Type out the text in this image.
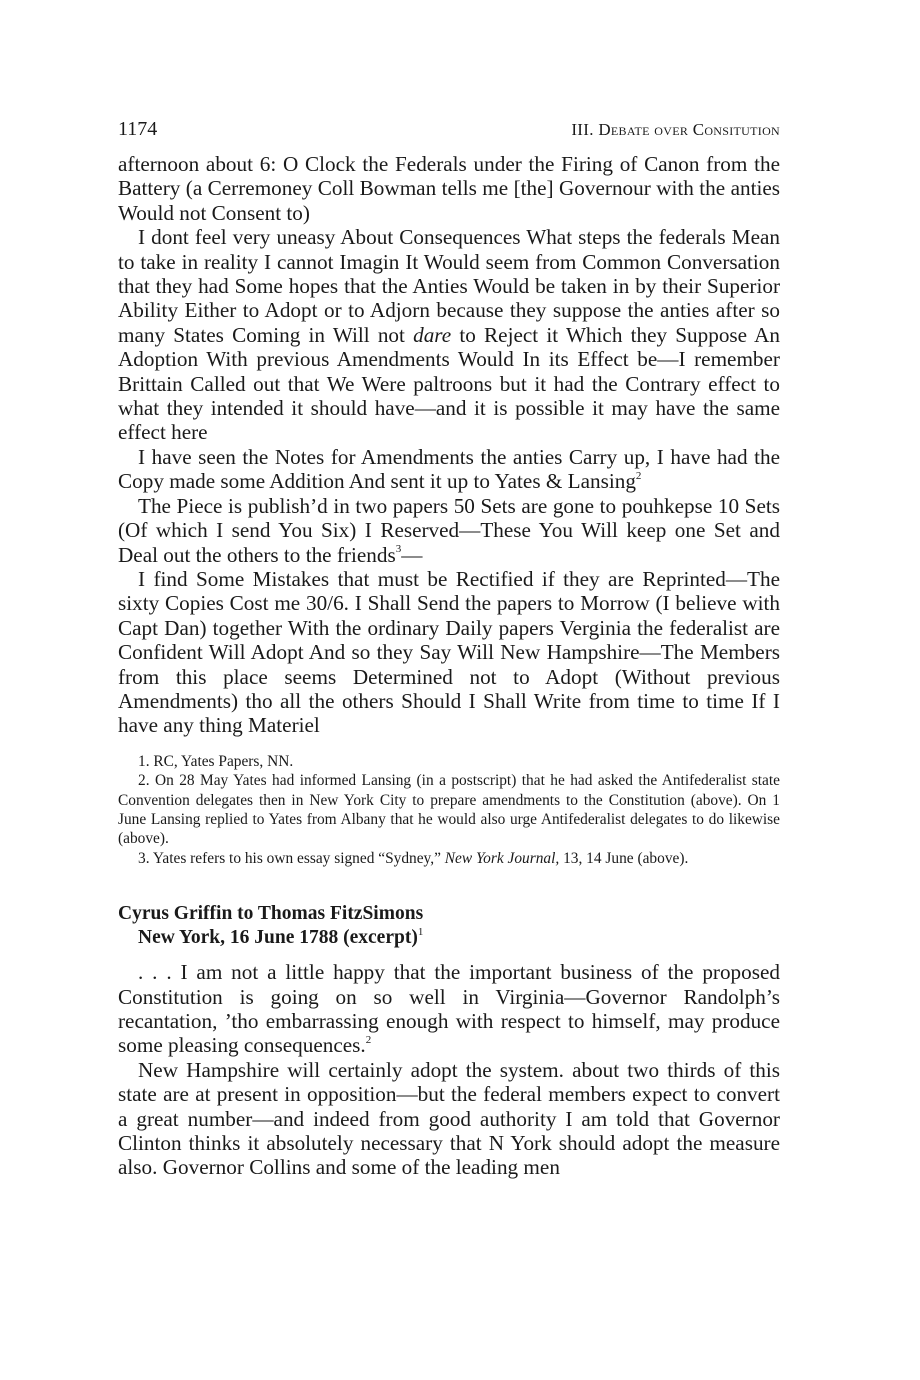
1174	III. Debate over Consitution

afternoon about 6: O Clock the Federals under the Firing of Canon from the Battery (a Cerremoney Coll Bowman tells me [the] Governour with the anties Would not Consent to)

I dont feel very uneasy About Consequences What steps the federals Mean to take in reality I cannot Imagin It Would seem from Common Conversation that they had Some hopes that the Anties Would be taken in by their Superior Ability Either to Adopt or to Adjorn because they suppose the anties after so many States Coming in Will not dare to Reject it Which they Suppose An Adoption With previous Amendments Would In its Effect be—I remember Brittain Called out that We Were paltroons but it had the Contrary effect to what they intended it should have—and it is possible it may have the same effect here

I have seen the Notes for Amendments the anties Carry up, I have had the Copy made some Addition And sent it up to Yates & Lansing$^2$

The Piece is publish’d in two papers 50 Sets are gone to pouhkepse 10 Sets (Of which I send You Six) I Reserved—These You Will keep one Set and Deal out the others to the friends$^3$—

I find Some Mistakes that must be Rectified if they are Reprinted—The sixty Copies Cost me 30/6. I Shall Send the papers to Morrow (I believe with Capt Dan) together With the ordinary Daily papers Verginia the federalist are Confident Will Adopt And so they Say Will New Hampshire—The Members from this place seems Determined not to Adopt (Without previous Amendments) tho all the others Should I Shall Write from time to time If I have any thing Materiel

1. RC, Yates Papers, NN.

2. On 28 May Yates had informed Lansing (in a postscript) that he had asked the Antifederalist state Convention delegates then in New York City to prepare amendments to the Constitution (above). On 1 June Lansing replied to Yates from Albany that he would also urge Antifederalist delegates to do likewise (above).

3. Yates refers to his own essay signed “Sydney,” New York Journal, 13, 14 June (above).

Cyrus Griffin to Thomas FitzSimons
New York, 16 June 1788 (excerpt)$^1$

. . . I am not a little happy that the important business of the proposed Constitution is going on so well in Virginia—Governor Randolph’s recantation, ’tho embarrassing enough with respect to himself, may produce some pleasing consequences.$^2$

New Hampshire will certainly adopt the system. about two thirds of this state are at present in opposition—but the federal members expect to convert a great number—and indeed from good authority I am told that Governor Clinton thinks it absolutely necessary that N York should adopt the measure also. Governor Collins and some of the leading men
